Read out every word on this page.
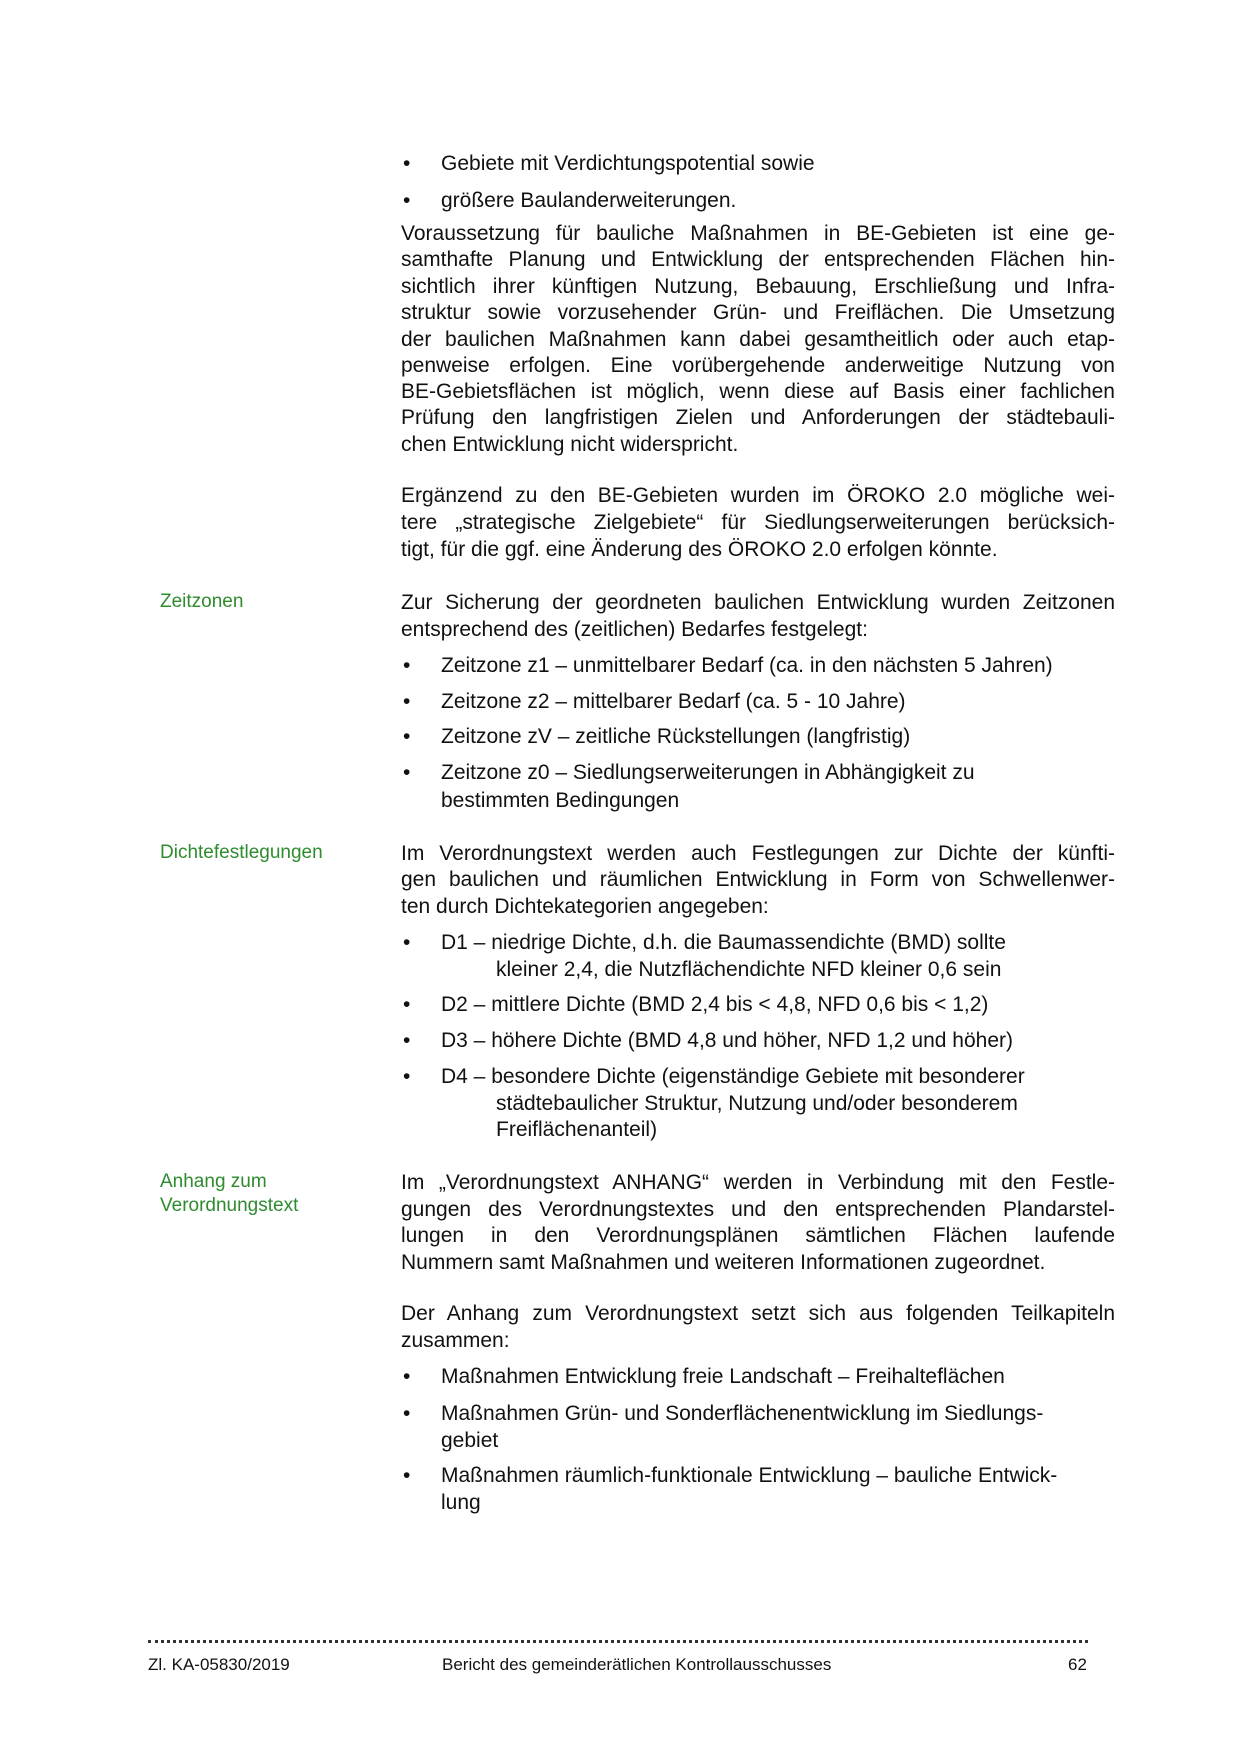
• Gebiete mit Verdichtungspotential sowie
• größere Baulanderweiterungen.
Voraussetzung für bauliche Maßnahmen in BE-Gebieten ist eine ge-
samthafte Planung und Entwicklung der entsprechenden Flächen hin-
sichtlich ihrer künftigen Nutzung, Bebauung, Erschließung und Infra-
struktur sowie vorzusehender Grün- und Freiflächen. Die Umsetzung
der baulichen Maßnahmen kann dabei gesamtheitlich oder auch etap-
penweise erfolgen. Eine vorübergehende anderweitige Nutzung von
BE-Gebietsflächen ist möglich, wenn diese auf Basis einer fachlichen
Prüfung den langfristigen Zielen und Anforderungen der städtebauli-
chen Entwicklung nicht widerspricht.
Ergänzend zu den BE-Gebieten wurden im ÖROKO 2.0 mögliche wei-
tere „strategische Zielgebiete“ für Siedlungserweiterungen berücksich-
tigt, für die ggf. eine Änderung des ÖROKO 2.0 erfolgen könnte.
Zeitzonen	Zur Sicherung der geordneten baulichen Entwicklung wurden Zeitzonen
entsprechend des (zeitlichen) Bedarfes festgelegt:
• Zeitzone z1 – unmittelbarer Bedarf (ca. in den nächsten 5 Jahren)
• Zeitzone z2 – mittelbarer Bedarf (ca. 5 - 10 Jahre)
• Zeitzone zV – zeitliche Rückstellungen (langfristig)
• Zeitzone z0 – Siedlungserweiterungen in Abhängigkeit zu
bestimmten Bedingungen
Dichtefestlegungen	Im Verordnungstext werden auch Festlegungen zur Dichte der künfti-
gen baulichen und räumlichen Entwicklung in Form von Schwellenwer-
ten durch Dichtekategorien angegeben:
• D1 – niedrige Dichte, d.h. die Baumassendichte (BMD) sollte
kleiner 2,4, die Nutzflächendichte NFD kleiner 0,6 sein
• D2 – mittlere Dichte (BMD 2,4 bis < 4,8, NFD 0,6 bis < 1,2)
• D3 – höhere Dichte (BMD 4,8 und höher, NFD 1,2 und höher)
• D4 – besondere Dichte (eigenständige Gebiete mit besonderer
städtebaulicher Struktur, Nutzung und/oder besonderem
Freiflächenanteil)
Anhang zum
Verordnungstext
Im „Verordnungstext ANHANG“ werden in Verbindung mit den Festle-
gungen des Verordnungstextes und den entsprechenden Plandarstel-
lungen in den Verordnungsplänen sämtlichen Flächen laufende
Nummern samt Maßnahmen und weiteren Informationen zugeordnet.
Der Anhang zum Verordnungstext setzt sich aus folgenden Teilkapiteln
zusammen:
• Maßnahmen Entwicklung freie Landschaft – Freihalteflächen
• Maßnahmen Grün- und Sonderflächenentwicklung im Siedlungs-
gebiet
• Maßnahmen räumlich-funktionale Entwicklung – bauliche Entwick-
lung
Zl. KA-05830/2019	Bericht des gemeinderätlichen Kontrollausschusses	62
